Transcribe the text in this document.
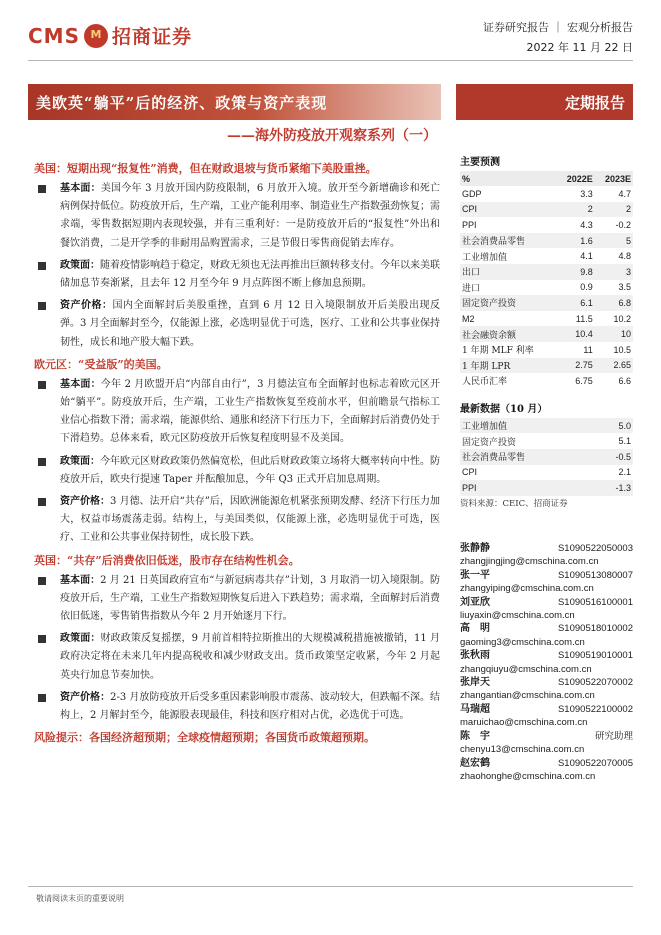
CMS M 招商证券	证券研究报告 ｜ 宏观分析报告
2022 年 11 月 22 日
美欧英“躺平”后的经济、政策与资产表现	定期报告
——海外防疫放开观察系列（一）
美国：短期出现“报复性”消费，但在财政退坡与货币紧缩下美股重挫。
基本面：美国今年 3 月放开国内防疫限制，6 月放开入境。放开至今新增确诊和死亡病例保持低位。防疫放开后，生产端，工业产能利用率、制造业生产指数强劲恢复；需求端，零售数据短期内表现较强，并有三重利好：一是防疫放开后的“报复性”外出和餐饮消费，二是开学季的非耐用品购置需求，三是节假日零售商促销去库存。
政策面：随着疫情影响趋于稳定，财政无须也无法再推出巨额转移支付。今年以来美联储加息节奏渐紧，且去年 12 月至今年 9 月点阵图不断上修加息预期。
资产价格：国内全面解封后美股重挫，直到 6 月 12 日入境限制放开后美股出现反弹。3 月全面解封至今，仅能源上涨，必选明显优于可选，医疗、工业和公共事业保持韧性，成长和地产股大幅下跌。
欧元区：“受益版”的美国。
基本面：今年 2 月欧盟开启“内部自由行”，3 月德法宣布全面解封也标志着欧元区开始“躺平”。防疫放开后，生产端，工业生产指数恢复至疫前水平，但前瞻景气指标工业信心指数下滑；需求端，能源供给、通胀和经济下行压力下，全面解封后消费仍处于下滑趋势。总体来看，欧元区防疫放开后恢复程度明显不及美国。
政策面：今年欧元区财政政策仍然偏宽松，但此后财政政策立场将大概率转向中性。防疫放开后，欧央行提速 Taper 并酝酿加息，今年 Q3 正式开启加息周期。
资产价格：3 月德、法开启“共存”后，因欧洲能源危机紧张预期发酵、经济下行压力加大，权益市场震荡走弱。结构上，与美国类似，仅能源上涨，必选明显优于可选，医疗、工业和公共事业保持韧性，成长股下跌。
英国：“共存”后消费依旧低迷，股市存在结构性机会。
基本面：2 月 21 日英国政府宣布“与新冠病毒共存”计划，3 月取消一切入境限制。防疫放开后，生产端，工业生产指数短期恢复后进入下跌趋势；需求端，全面解封后消费依旧低迷，零售销售指数从今年 2 月开始逐月下行。
政策面：财政政策反复摇摆，9 月前首相特拉斯推出的大规模减税措施被撤销，11 月政府决定将在未来几年内提高税收和减少财政支出。货币政策坚定收紧，今年 2 月起英央行加息节奏加快。
资产价格：2-3 月放防疫放开后受多重因素影响股市震荡、波动较大，但跌幅不深。结构上，2 月解封至今，能源股表现最佳，科技和医疗相对占优，必选优于可选。
风险提示：各国经济超预期；全球疫情超预期；各国货币政策超预期。
主要预测
%	2022E	2023E
GDP	3.3	4.7
CPI	2	2
PPI	4.3	-0.2
社会消费品零售	1.6	5
工业增加值	4.1	4.8
出口	9.8	3
进口	0.9	3.5
固定资产投资	6.1	6.8
M2	11.5	10.2
社会融资余额	10.4	10
1 年期 MLF 利率	11	10.5
1 年期 LPR	2.75	2.65
人民币汇率	6.75	6.6
最新数据（10 月）
工业增加值	5.0
固定资产投资	5.1
社会消费品零售	-0.5
CPI	2.1
PPI	-1.3
资料来源：CEIC、招商证券
张静静	S1090522050003
zhangjingjing@cmschina.com.cn
张一平	S1090513080007
zhangyiping@cmschina.com.cn
刘亚欣	S1090516100001
liuyaxin@cmschina.com.cn
高　明	S1090518010002
gaoming3@cmschina.com.cn
张秋雨	S1090519010001
zhangqiuyu@cmschina.com.cn
张岸天	S1090522070002
zhangantian@cmschina.com.cn
马瑞超	S1090522100002
maruichao@cmschina.com.cn
陈　宇	研究助理
chenyu13@cmschina.com.cn
赵宏鹤	S1090522070005
zhaohonghe@cmschina.com.cn
敬请阅读末页的重要说明
